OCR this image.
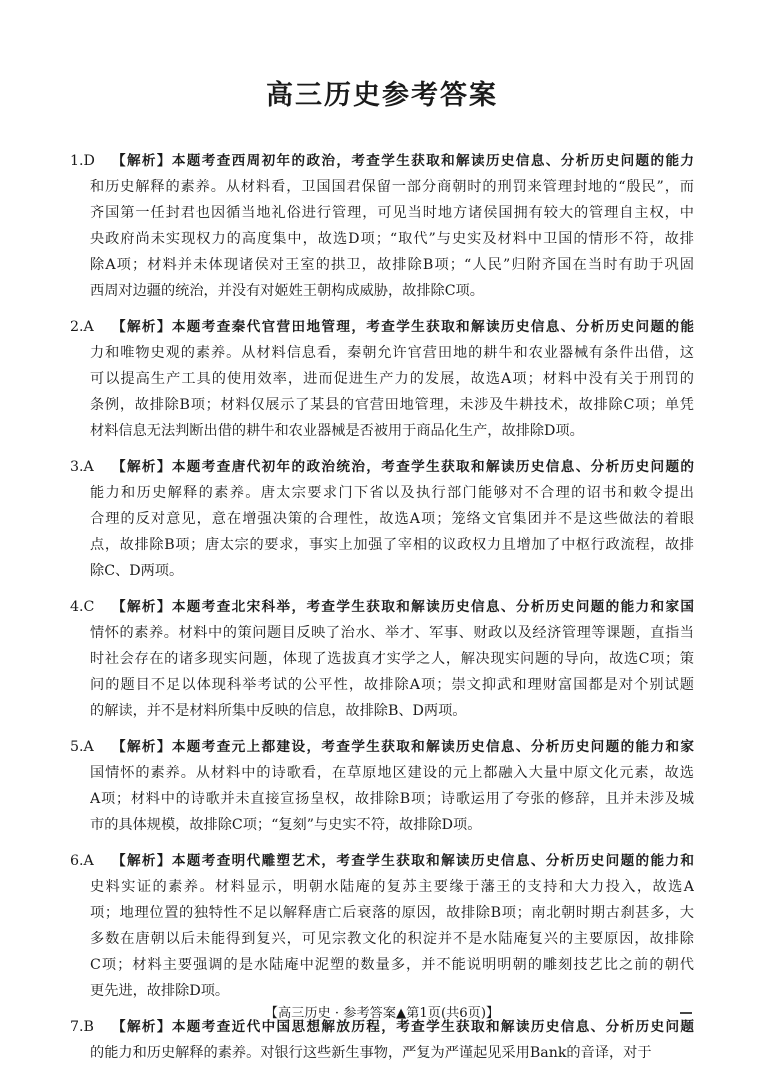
高三历史参考答案
1.D 【解析】本题考查西周初年的政治，考查学生获取和解读历史信息、分析历史问题的能力
和历史解释的素养。从材料看，卫国国君保留一部分商朝时的刑罚来管理封地的“殷民”，而
齐国第一任封君也因循当地礼俗进行管理，可见当时地方诸侯国拥有较大的管理自主权，中
央政府尚未实现权力的高度集中，故选D项；“取代”与史实及材料中卫国的情形不符，故排
除A项；材料并未体现诸侯对王室的拱卫，故排除B项；“人民”归附齐国在当时有助于巩固
西周对边疆的统治，并没有对姬姓王朝构成威胁，故排除C项。
2.A 【解析】本题考查秦代官营田地管理，考查学生获取和解读历史信息、分析历史问题的能
力和唯物史观的素养。从材料信息看，秦朝允许官营田地的耕牛和农业器械有条件出借，这
可以提高生产工具的使用效率，进而促进生产力的发展，故选A项；材料中没有关于刑罚的
条例，故排除B项；材料仅展示了某县的官营田地管理，未涉及牛耕技术，故排除C项；单凭
材料信息无法判断出借的耕牛和农业器械是否被用于商品化生产，故排除D项。
3.A 【解析】本题考查唐代初年的政治统治，考查学生获取和解读历史信息、分析历史问题的
能力和历史解释的素养。唐太宗要求门下省以及执行部门能够对不合理的诏书和敕令提出
合理的反对意见，意在增强决策的合理性，故选A项；笼络文官集团并不是这些做法的着眼
点，故排除B项；唐太宗的要求，事实上加强了宰相的议政权力且增加了中枢行政流程，故排
除C、D两项。
4.C 【解析】本题考查北宋科举，考查学生获取和解读历史信息、分析历史问题的能力和家国
情怀的素养。材料中的策问题目反映了治水、举才、军事、财政以及经济管理等课题，直指当
时社会存在的诸多现实问题，体现了选拔真才实学之人，解决现实问题的导向，故选C项；策
问的题目不足以体现科举考试的公平性，故排除A项；崇文抑武和理财富国都是对个别试题
的解读，并不是材料所集中反映的信息，故排除B、D两项。
5.A 【解析】本题考查元上都建设，考查学生获取和解读历史信息、分析历史问题的能力和家
国情怀的素养。从材料中的诗歌看，在草原地区建设的元上都融入大量中原文化元素，故选
A项；材料中的诗歌并未直接宣扬皇权，故排除B项；诗歌运用了夸张的修辞，且并未涉及城
市的具体规模，故排除C项；“复刻”与史实不符，故排除D项。
6.A 【解析】本题考查明代雕塑艺术，考查学生获取和解读历史信息、分析历史问题的能力和
史料实证的素养。材料显示，明朝水陆庵的复苏主要缘于藩王的支持和大力投入，故选A
项；地理位置的独特性不足以解释唐亡后衰落的原因，故排除B项；南北朝时期古刹甚多，大
多数在唐朝以后未能得到复兴，可见宗教文化的积淀并不是水陆庵复兴的主要原因，故排除
C项；材料主要强调的是水陆庵中泥塑的数量多，并不能说明明朝的雕刻技艺比之前的朝代
更先进，故排除D项。
7.B 【解析】本题考查近代中国思想解放历程，考查学生获取和解读历史信息、分析历史问题
的能力和历史解释的素养。对银行这些新生事物，严复为严谨起见采用Bank的音译，对于
【高三历史 · 参考答案▲第1页(共6页)】
